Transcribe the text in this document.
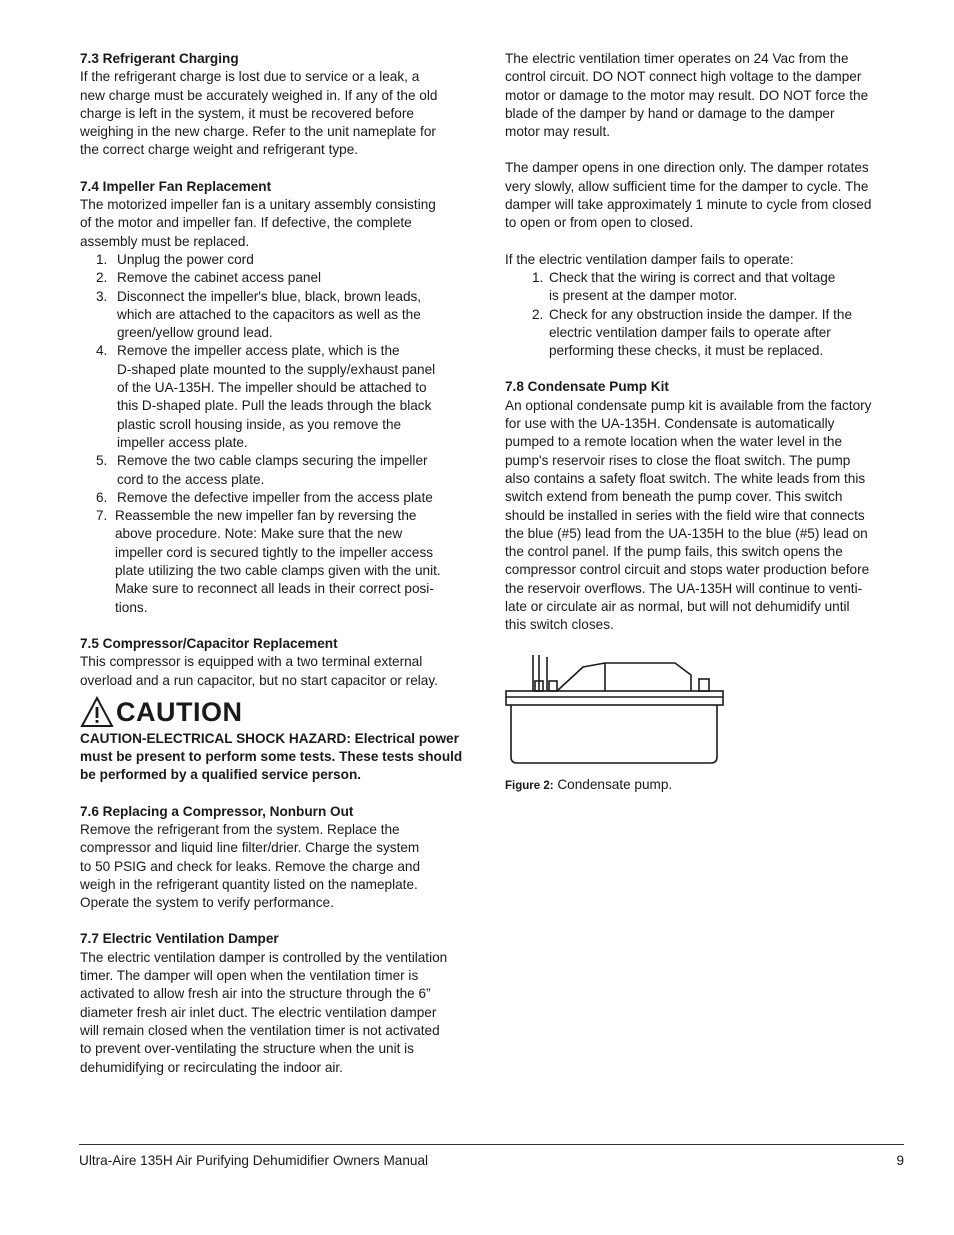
7.3 Refrigerant Charging

If the refrigerant charge is lost due to service or a leak, a
new charge must be accurately weighed in. If any of the old
charge is left in the system, it must be recovered before
weighing in the new charge. Refer to the unit nameplate for
the correct charge weight and refrigerant type.

7.4 Impeller Fan Replacement

The motorized impeller fan is a unitary assembly consisting
of the motor and impeller fan. If defective, the complete
assembly must be replaced.

1. Unplug the power cord
2. Remove the cabinet access panel
3. Disconnect the impeller's blue, black, brown leads,
which are attached to the capacitors as well as the
green/yellow ground lead.
4. Remove the impeller access plate, which is the
D-shaped plate mounted to the supply/exhaust panel
of the UA-135H. The impeller should be attached to
this D-shaped plate. Pull the leads through the black
plastic scroll housing inside, as you remove the
impeller access plate.
5. Remove the two cable clamps securing the impeller
cord to the access plate.
6. Remove the defective impeller from the access plate
7. Reassemble the new impeller fan by reversing the
above procedure. Note: Make sure that the new
impeller cord is secured tightly to the impeller access
plate utilizing the two cable clamps given with the unit.
Make sure to reconnect all leads in their correct posi-
tions.
7.5 Compressor/Capacitor Replacement

This compressor is equipped with a two terminal external
overload and a run capacitor, but no start capacitor or relay.

CAUTION

CAUTION-ELECTRICAL SHOCK HAZARD: Electrical power
must be present to perform some tests. These tests should
be performed by a qualified service person.

7.6 Replacing a Compressor, Nonburn Out

Remove the refrigerant from the system. Replace the
compressor and liquid line filter/drier. Charge the system
to 50 PSIG and check for leaks. Remove the charge and
weigh in the refrigerant quantity listed on the nameplate.
Operate the system to verify performance.

7.7 Electric Ventilation Damper

The electric ventilation damper is controlled by the ventilation
timer. The damper will open when the ventilation timer is
activated to allow fresh air into the structure through the 6”
diameter fresh air inlet duct. The electric ventilation damper
will remain closed when the ventilation timer is not activated
to prevent over-ventilating the structure when the unit is
dehumidifying or recirculating the indoor air.

The electric ventilation timer operates on 24 Vac from the
control circuit. DO NOT connect high voltage to the damper
motor or damage to the motor may result. DO NOT force the
blade of the damper by hand or damage to the damper
motor may result.

The damper opens in one direction only. The damper rotates
very slowly, allow sufficient time for the damper to cycle. The
damper will take approximately 1 minute to cycle from closed
to open or from open to closed.

If the electric ventilation damper fails to operate:

1. Check that the wiring is correct and that voltage
is present at the damper motor.
2. Check for any obstruction inside the damper. If the
electric ventilation damper fails to operate after
performing these checks, it must be replaced.
7.8 Condensate Pump Kit

An optional condensate pump kit is available from the factory
for use with the UA-135H. Condensate is automatically
pumped to a remote location when the water level in the
pump's reservoir rises to close the float switch. The pump
also contains a safety float switch. The white leads from this
switch extend from beneath the pump cover. This switch
should be installed in series with the field wire that connects
the blue (#5) lead from the UA-135H to the blue (#5) lead on
the control panel. If the pump fails, this switch opens the
compressor control circuit and stops water production before
the reservoir overflows. The UA-135H will continue to venti-
late or circulate air as normal, but will not dehumidify until
this switch closes.

Figure 2: Condensate pump.
Ultra-Aire 135H Air Purifying Dehumidifier Owners Manual	9
